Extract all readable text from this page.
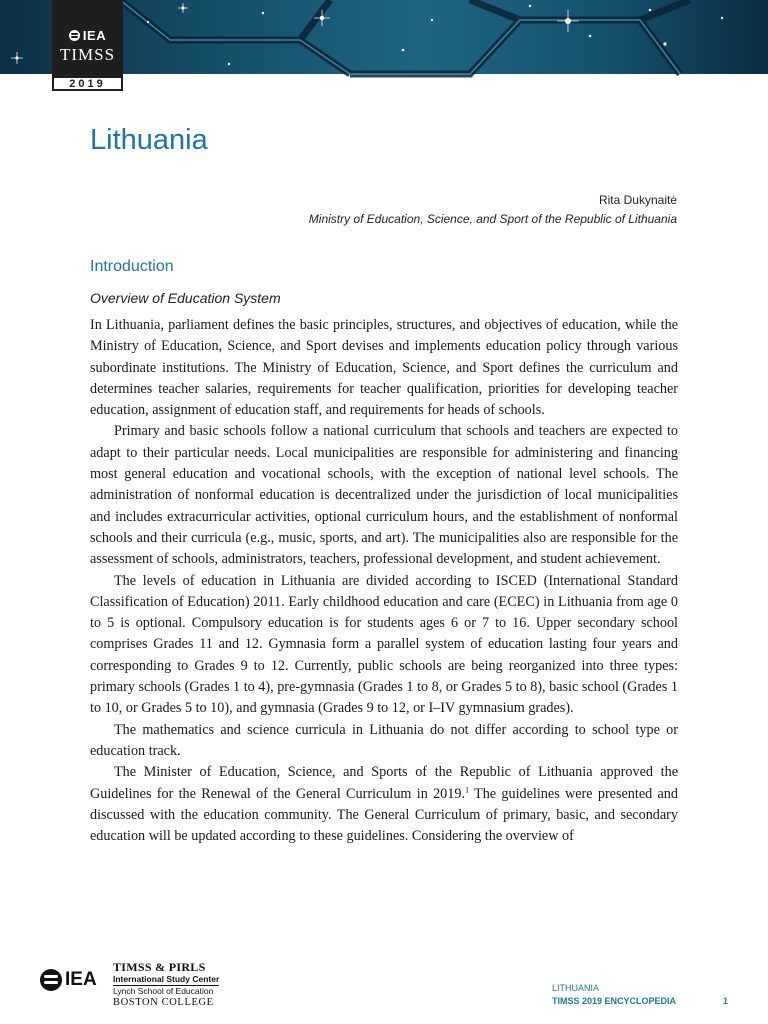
IEA
TIMSS
2019
Lithuania
Rita Dukynaitė
Ministry of Education, Science, and Sport of the Republic of Lithuania
Introduction
Overview of Education System

In Lithuania, parliament defines the basic principles, structures, and objectives of education, while the Ministry of Education, Science, and Sport devises and implements education policy through various subordinate institutions. The Ministry of Education, Science, and Sport defines the curriculum and determines teacher salaries, requirements for teacher qualification, priorities for developing teacher education, assignment of education staff, and requirements for heads of schools.

Primary and basic schools follow a national curriculum that schools and teachers are expected to adapt to their particular needs. Local municipalities are responsible for administering and financing most general education and vocational schools, with the exception of national level schools. The administration of nonformal education is decentralized under the jurisdiction of local municipalities and includes extracurricular activities, optional curriculum hours, and the establishment of nonformal schools and their curricula (e.g., music, sports, and art). The municipalities also are responsible for the assessment of schools, administrators, teachers, professional development, and student achievement.

The levels of education in Lithuania are divided according to ISCED (International Standard Classification of Education) 2011. Early childhood education and care (ECEC) in Lithuania from age 0 to 5 is optional. Compulsory education is for students ages 6 or 7 to 16. Upper secondary school comprises Grades 11 and 12. Gymnasia form a parallel system of education lasting four years and corresponding to Grades 9 to 12. Currently, public schools are being reorganized into three types: primary schools (Grades 1 to 4), pre-gymnasia (Grades 1 to 8, or Grades 5 to 8), basic school (Grades 1 to 10, or Grades 5 to 10), and gymnasia (Grades 9 to 12, or I–IV gymnasium grades).

The mathematics and science curricula in Lithuania do not differ according to school type or education track.

The Minister of Education, Science, and Sports of the Republic of Lithuania approved the Guidelines for the Renewal of the General Curriculum in 2019.$^1$ The guidelines were presented and discussed with the education community. The General Curriculum of primary, basic, and secondary education will be updated according to these guidelines. Considering the overview of

IEA
TIMSS & PIRLS
International Study Center
Lynch School of Education
BOSTON COLLEGE
LITHUANIA
TIMSS 2019 ENCYCLOPEDIA	1
